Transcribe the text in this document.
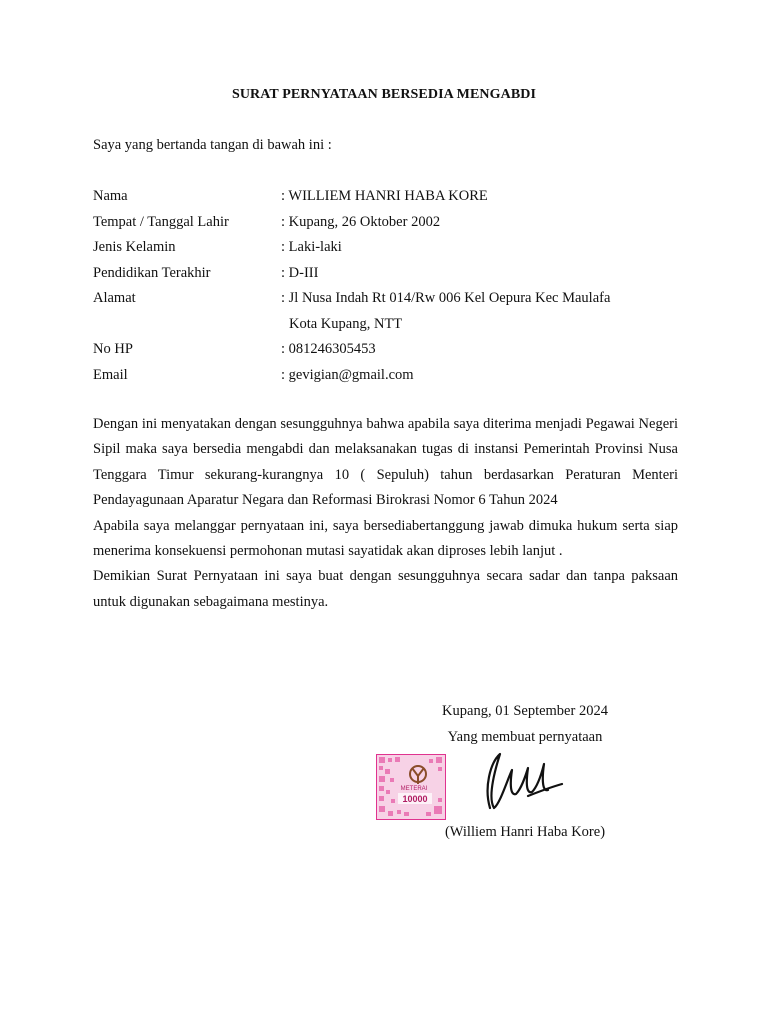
SURAT PERNYATAAN BERSEDIA MENGABDI
Saya yang bertanda tangan di bawah ini :
Nama	: WILLIEM HANRI HABA KORE
Tempat / Tanggal Lahir	: Kupang, 26 Oktober 2002
Jenis Kelamin	: Laki-laki
Pendidikan Terakhir	: D-III
Alamat	: Jl Nusa Indah Rt 014/Rw 006 Kel Oepura Kec Maulafa
Kota Kupang, NTT
No HP	: 081246305453
Email	: gevigian@gmail.com

Dengan ini menyatakan dengan sesungguhnya bahwa apabila saya diterima menjadi Pegawai Negeri Sipil maka saya bersedia mengabdi dan melaksanakan tugas di instansi Pemerintah Provinsi Nusa Tenggara Timur sekurang-kurangnya 10 ( Sepuluh) tahun berdasarkan Peraturan Menteri Pendayagunaan Aparatur Negara dan Reformasi Birokrasi Nomor 6 Tahun 2024

Apabila saya melanggar pernyataan ini, saya bersediabertanggung jawab dimuka hukum serta siap menerima konsekuensi permohonan mutasi sayatidak akan diproses lebih lanjut .

Demikian Surat Pernyataan ini saya buat dengan sesungguhnya secara sadar dan tanpa paksaan untuk digunakan sebagaimana mestinya.

Kupang, 01 September 2024
Yang membuat pernyataan
METERAI
10000
(Williem Hanri Haba Kore)
